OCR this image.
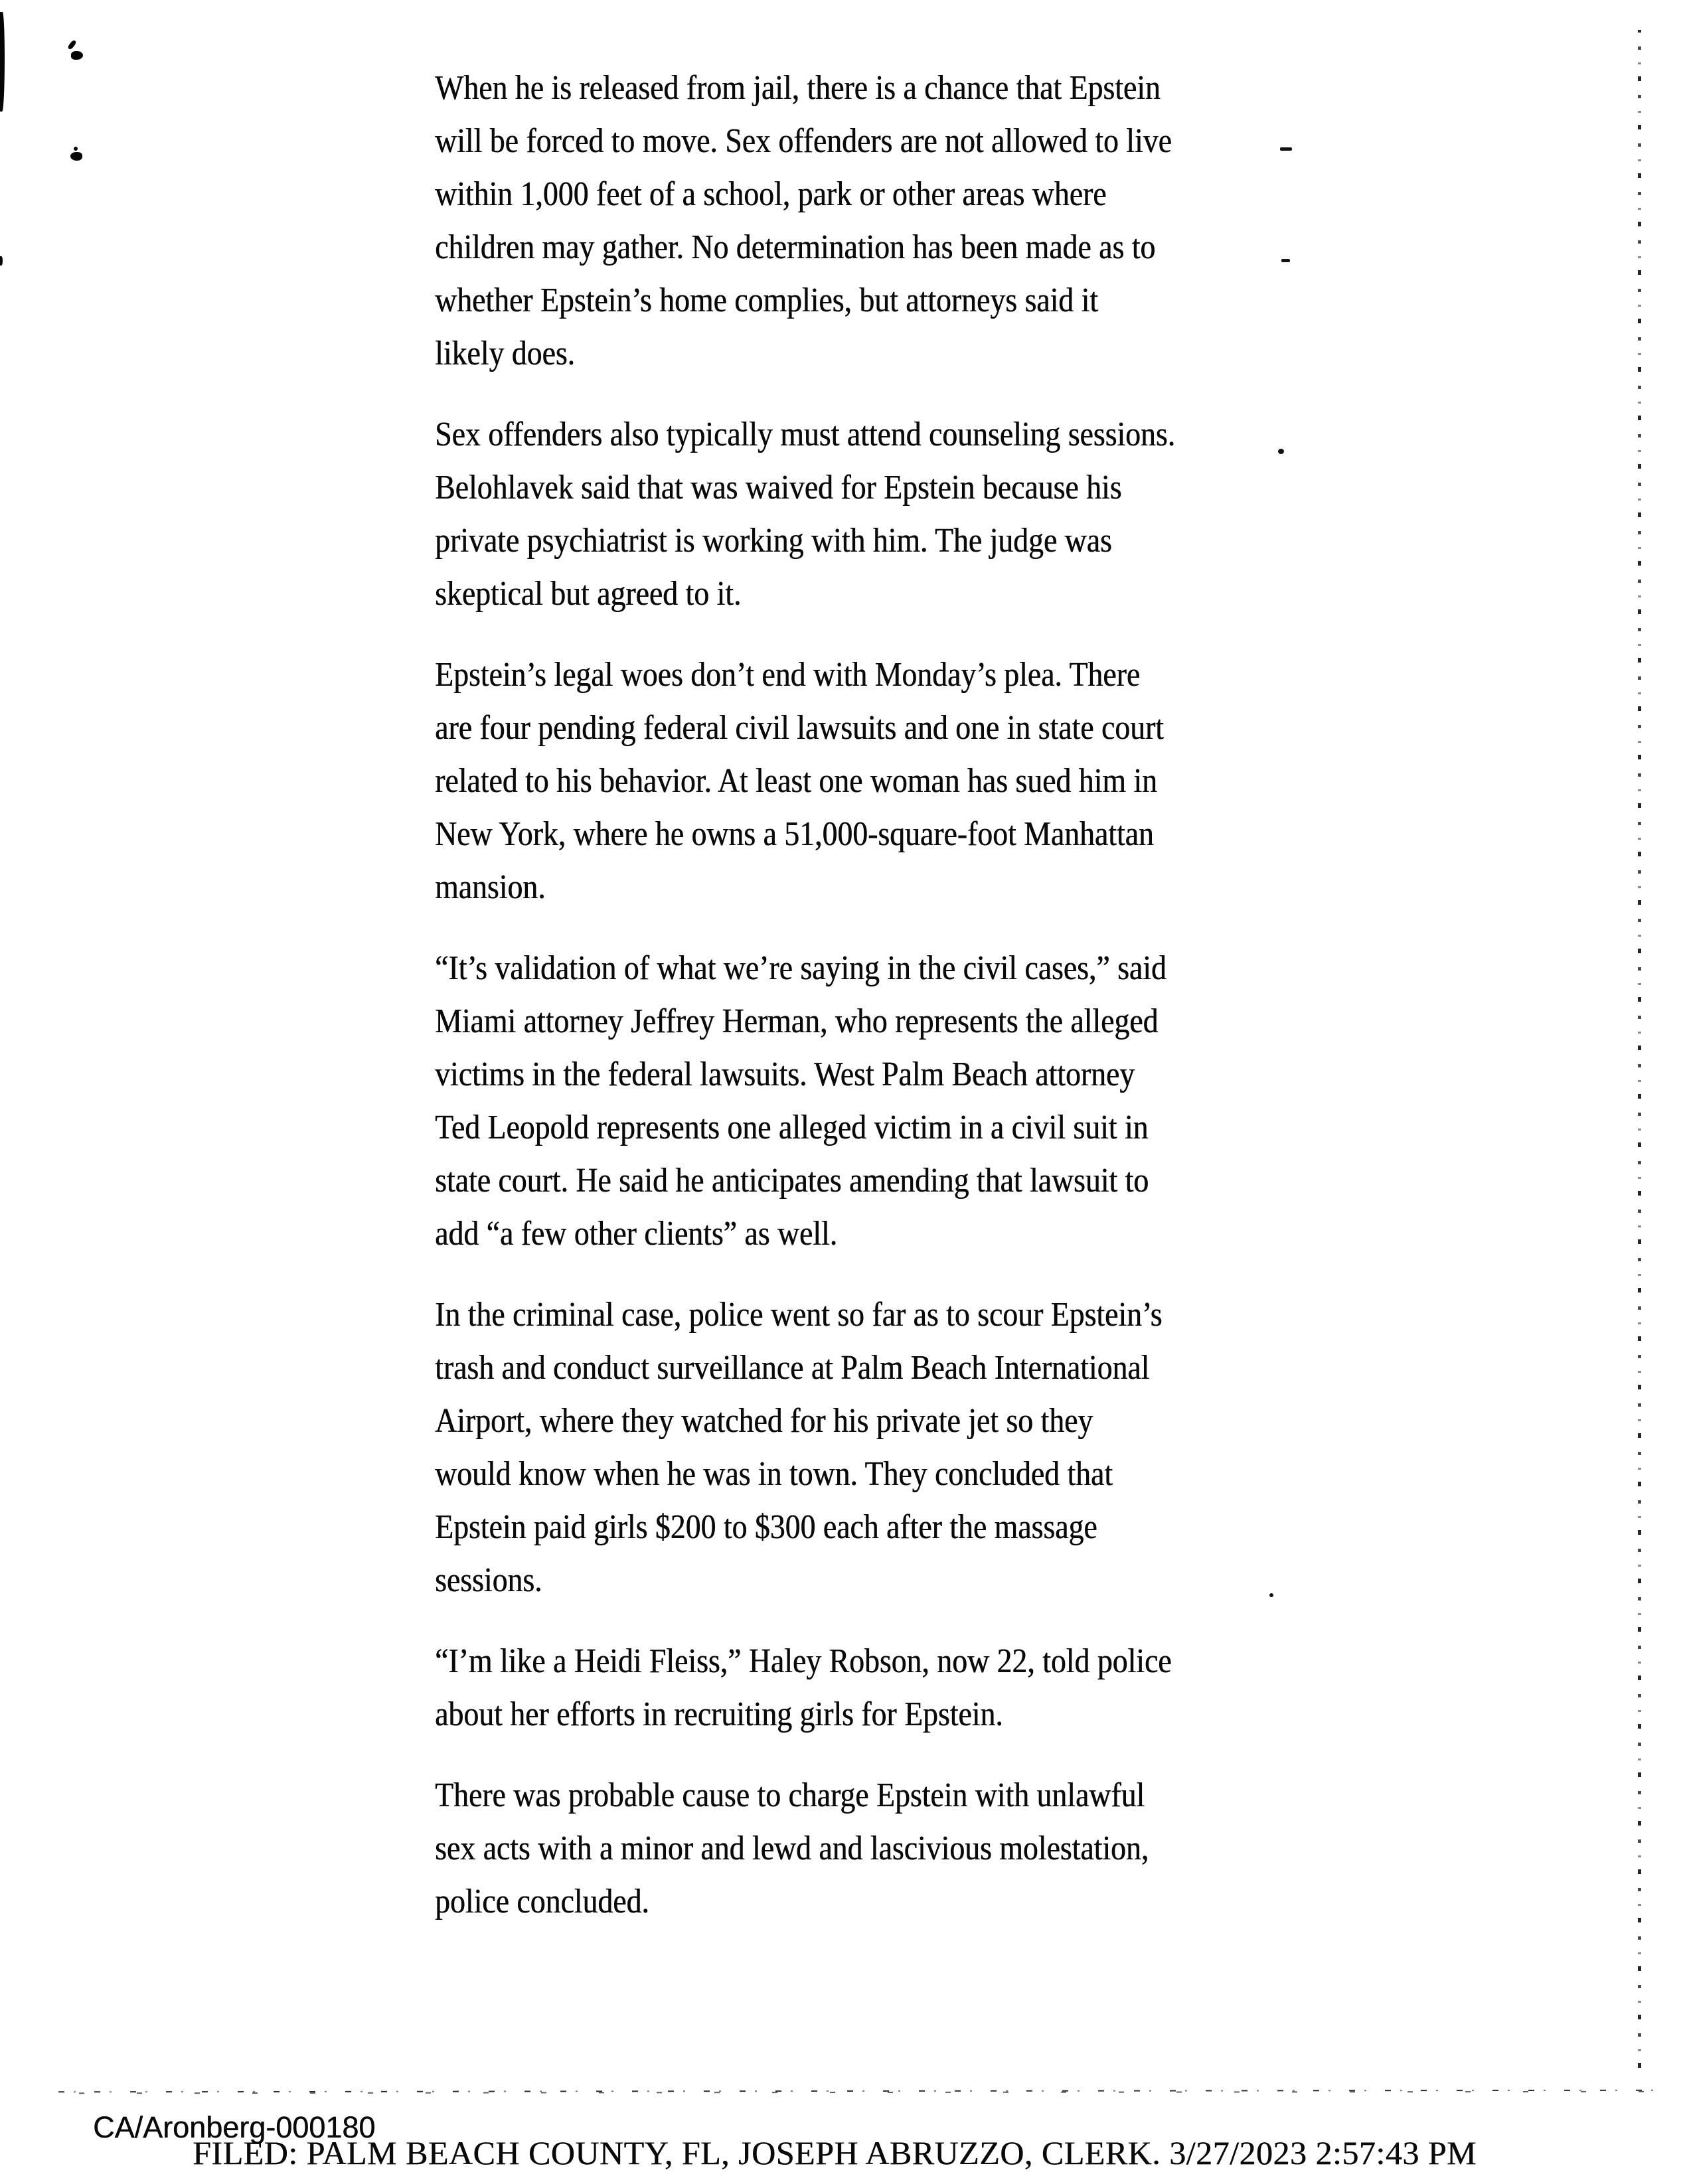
When he is released from jail, there is a chance that Epstein
will be forced to move. Sex offenders are not allowed to live
within 1,000 feet of a school, park or other areas where
children may gather. No determination has been made as to
whether Epstein’s home complies, but attorneys said it
likely does.
Sex offenders also typically must attend counseling sessions.
Belohlavek said that was waived for Epstein because his
private psychiatrist is working with him. The judge was
skeptical but agreed to it.
Epstein’s legal woes don’t end with Monday’s plea. There
are four pending federal civil lawsuits and one in state court
related to his behavior. At least one woman has sued him in
New York, where he owns a 51,000-square-foot Manhattan
mansion.
“It’s validation of what we’re saying in the civil cases,” said
Miami attorney Jeffrey Herman, who represents the alleged
victims in the federal lawsuits. West Palm Beach attorney
Ted Leopold represents one alleged victim in a civil suit in
state court. He said he anticipates amending that lawsuit to
add “a few other clients” as well.
In the criminal case, police went so far as to scour Epstein’s
trash and conduct surveillance at Palm Beach International
Airport, where they watched for his private jet so they
would know when he was in town. They concluded that
Epstein paid girls $200 to $300 each after the massage
sessions.
“I’m like a Heidi Fleiss,” Haley Robson, now 22, told police
about her efforts in recruiting girls for Epstein.
There was probable cause to charge Epstein with unlawful
sex acts with a minor and lewd and lascivious molestation,
police concluded.
CA/Aronberg-000180
FILED: PALM BEACH COUNTY, FL, JOSEPH ABRUZZO, CLERK. 3/27/2023 2:57:43 PM
